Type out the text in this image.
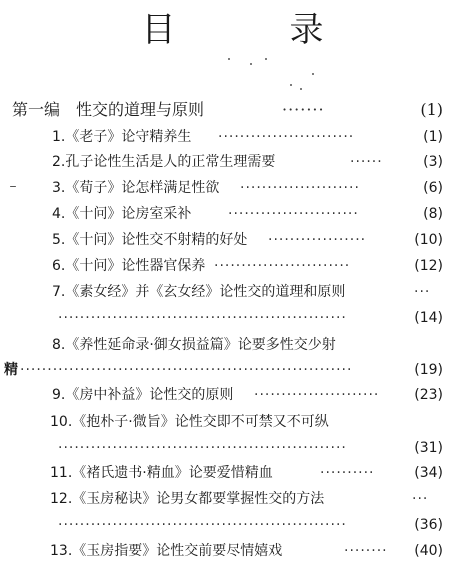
目　录
第一编　性交的道理与原则	·······	(1)
1.《老子》论守精养生 ·························	(1)
2.孔子论性生活是人的正常生理需要	······	(3)
3.《荀子》论怎样满足性欲 ······················	(6)
4.《十问》论房室采补	························	(8)
5.《十问》论性交不射精的好处 ··················	(10)
6.《十问》论性器官保养 ·························	(12)
7.《素女经》并《玄女经》论性交的道理和原则	···
·····················································	(14)
8.《养性延命录·御女损益篇》论要多性交少射
精 ·····························································	(19)
9.《房中补益》论性交的原则 ·······················	(23)
10.《抱朴子·微旨》论性交即不可禁又不可纵
·····················································	(31)
11.《褚氏遗书·精血》论要爱惜精血	··········	(34)
12.《玉房秘诀》论男女都要掌握性交的方法	···
·····················································	(36)
13.《玉房指要》论性交前要尽情嬉戏	········	(40)
